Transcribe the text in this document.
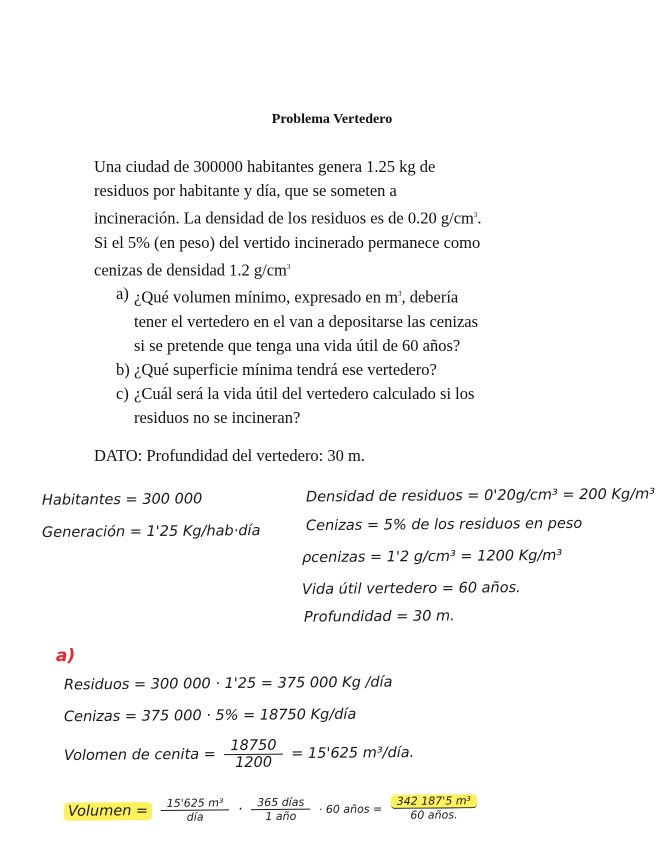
Problema Vertedero

Una ciudad de 300000 habitantes genera 1.25 kg de
residuos por habitante y día, que se someten a
incineración. La densidad de los residuos es de 0.20 $g/cm^3$.
Si el 5% (en peso) del vertido incinerado permanece como
cenizas de densidad 1.2 $g/cm^3$

a) ¿Qué volumen mínimo, expresado en $m^3$, debería
tener el vertedero en el van a depositarse las cenizas
si se pretende que tenga una vida útil de 60 años?
b) ¿Qué superficie mínima tendrá ese vertedero?
c) ¿Cuál será la vida útil del vertedero calculado si los
residuos no se incineran?

DATO: Profundidad del vertedero: 30 m.

Habitantes = 300 000
Generación = 1'25 Kg/hab·día
Densidad de residuos = 0'20g/cm³ = 200 Kg/m³
Cenizas = 5% de los residuos en peso
ρcenizas = 1'2 g/cm³ = 1200 Kg/m³
Vida útil vertedero = 60 años.
Profundidad = 30 m.
a)
Residuos = 300 000 · 1'25 = 375 000 Kg /día
Cenizas = 375 000 · 5% = 18750 Kg/día
Volomen de cenita = $\frac{18750}{1200} = 15'625$ m³/día.
Volumen = $\frac{\text{15'625 m³}}{\text{día}} \cdot \frac{\text{365 días}}{\text{1 año}} \cdot 60$ años = $\frac{\text{342 187'5 m³}}{\text{60 años.}}$
